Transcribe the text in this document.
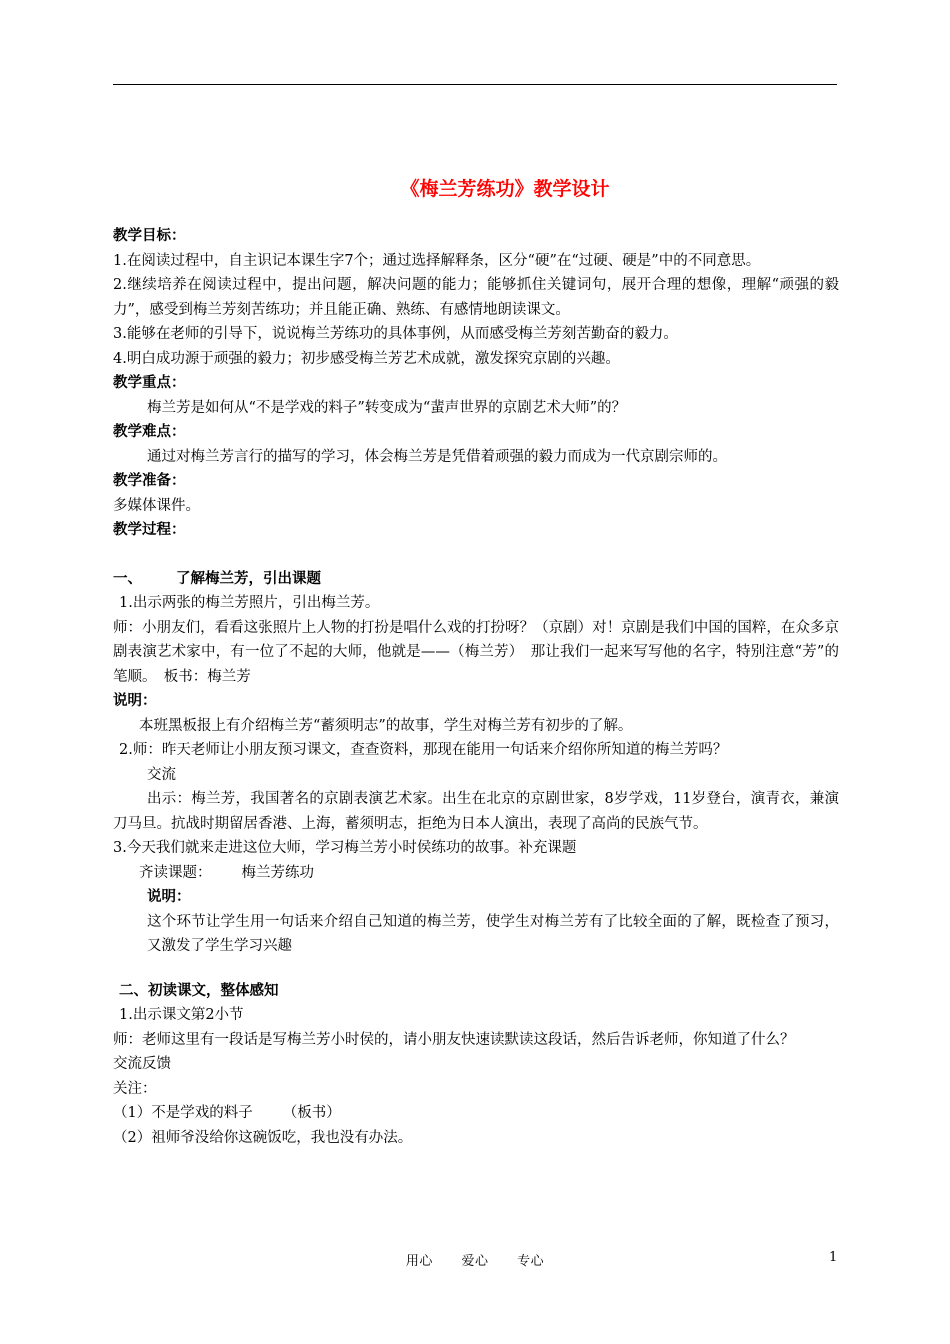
《梅兰芳练功》教学设计

教学目标：

1.在阅读过程中，自主识记本课生字7个；通过选择解释条，区分“硬”在“过硬、硬是”中的不同意思。

2.继续培养在阅读过程中，提出问题，解决问题的能力；能够抓住关键词句，展开合理的想像，理解“顽强的毅力”，感受到梅兰芳刻苦练功；并且能正确、熟练、有感情地朗读课文。

3.能够在老师的引导下，说说梅兰芳练功的具体事例，从而感受梅兰芳刻苦勤奋的毅力。

4.明白成功源于顽强的毅力；初步感受梅兰芳艺术成就，激发探究京剧的兴趣。

教学重点：

梅兰芳是如何从“不是学戏的料子”转变成为“蜚声世界的京剧艺术大师”的？

教学难点：

通过对梅兰芳言行的描写的学习，体会梅兰芳是凭借着顽强的毅力而成为一代京剧宗师的。

教学准备：

多媒体课件。

教学过程：

一、 了解梅兰芳，引出课题

1.出示两张的梅兰芳照片，引出梅兰芳。

师：小朋友们，看看这张照片上人物的打扮是唱什么戏的打扮呀？（京剧）对！京剧是我们中国的国粹，在众多京剧表演艺术家中，有一位了不起的大师，他就是——（梅兰芳）　那让我们一起来写写他的名字，特别注意“芳”的笔顺。　板书：梅兰芳

说明：

本班黑板报上有介绍梅兰芳“蓄须明志”的故事，学生对梅兰芳有初步的了解。

2.师：昨天老师让小朋友预习课文，查查资料，那现在能用一句话来介绍你所知道的梅兰芳吗？

交流

出示：梅兰芳，我国著名的京剧表演艺术家。出生在北京的京剧世家，8岁学戏，11岁登台，演青衣，兼演刀马旦。抗战时期留居香港、上海，蓄须明志，拒绝为日本人演出，表现了高尚的民族气节。

3.今天我们就来走进这位大师，学习梅兰芳小时侯练功的故事。补充课题

齐读课题： 梅兰芳练功

说明：

这个环节让学生用一句话来介绍自己知道的梅兰芳，使学生对梅兰芳有了比较全面的了解，既检查了预习，又激发了学生学习兴趣

二、初读课文，整体感知

1.出示课文第2小节

师：老师这里有一段话是写梅兰芳小时侯的，请小朋友快速读默读这段话，然后告诉老师，你知道了什么？

交流反馈

关注：

（1）不是学戏的料子 （板书）

（2）祖师爷没给你这碗饭吃，我也没有办法。

用心 爱心 专心	1
